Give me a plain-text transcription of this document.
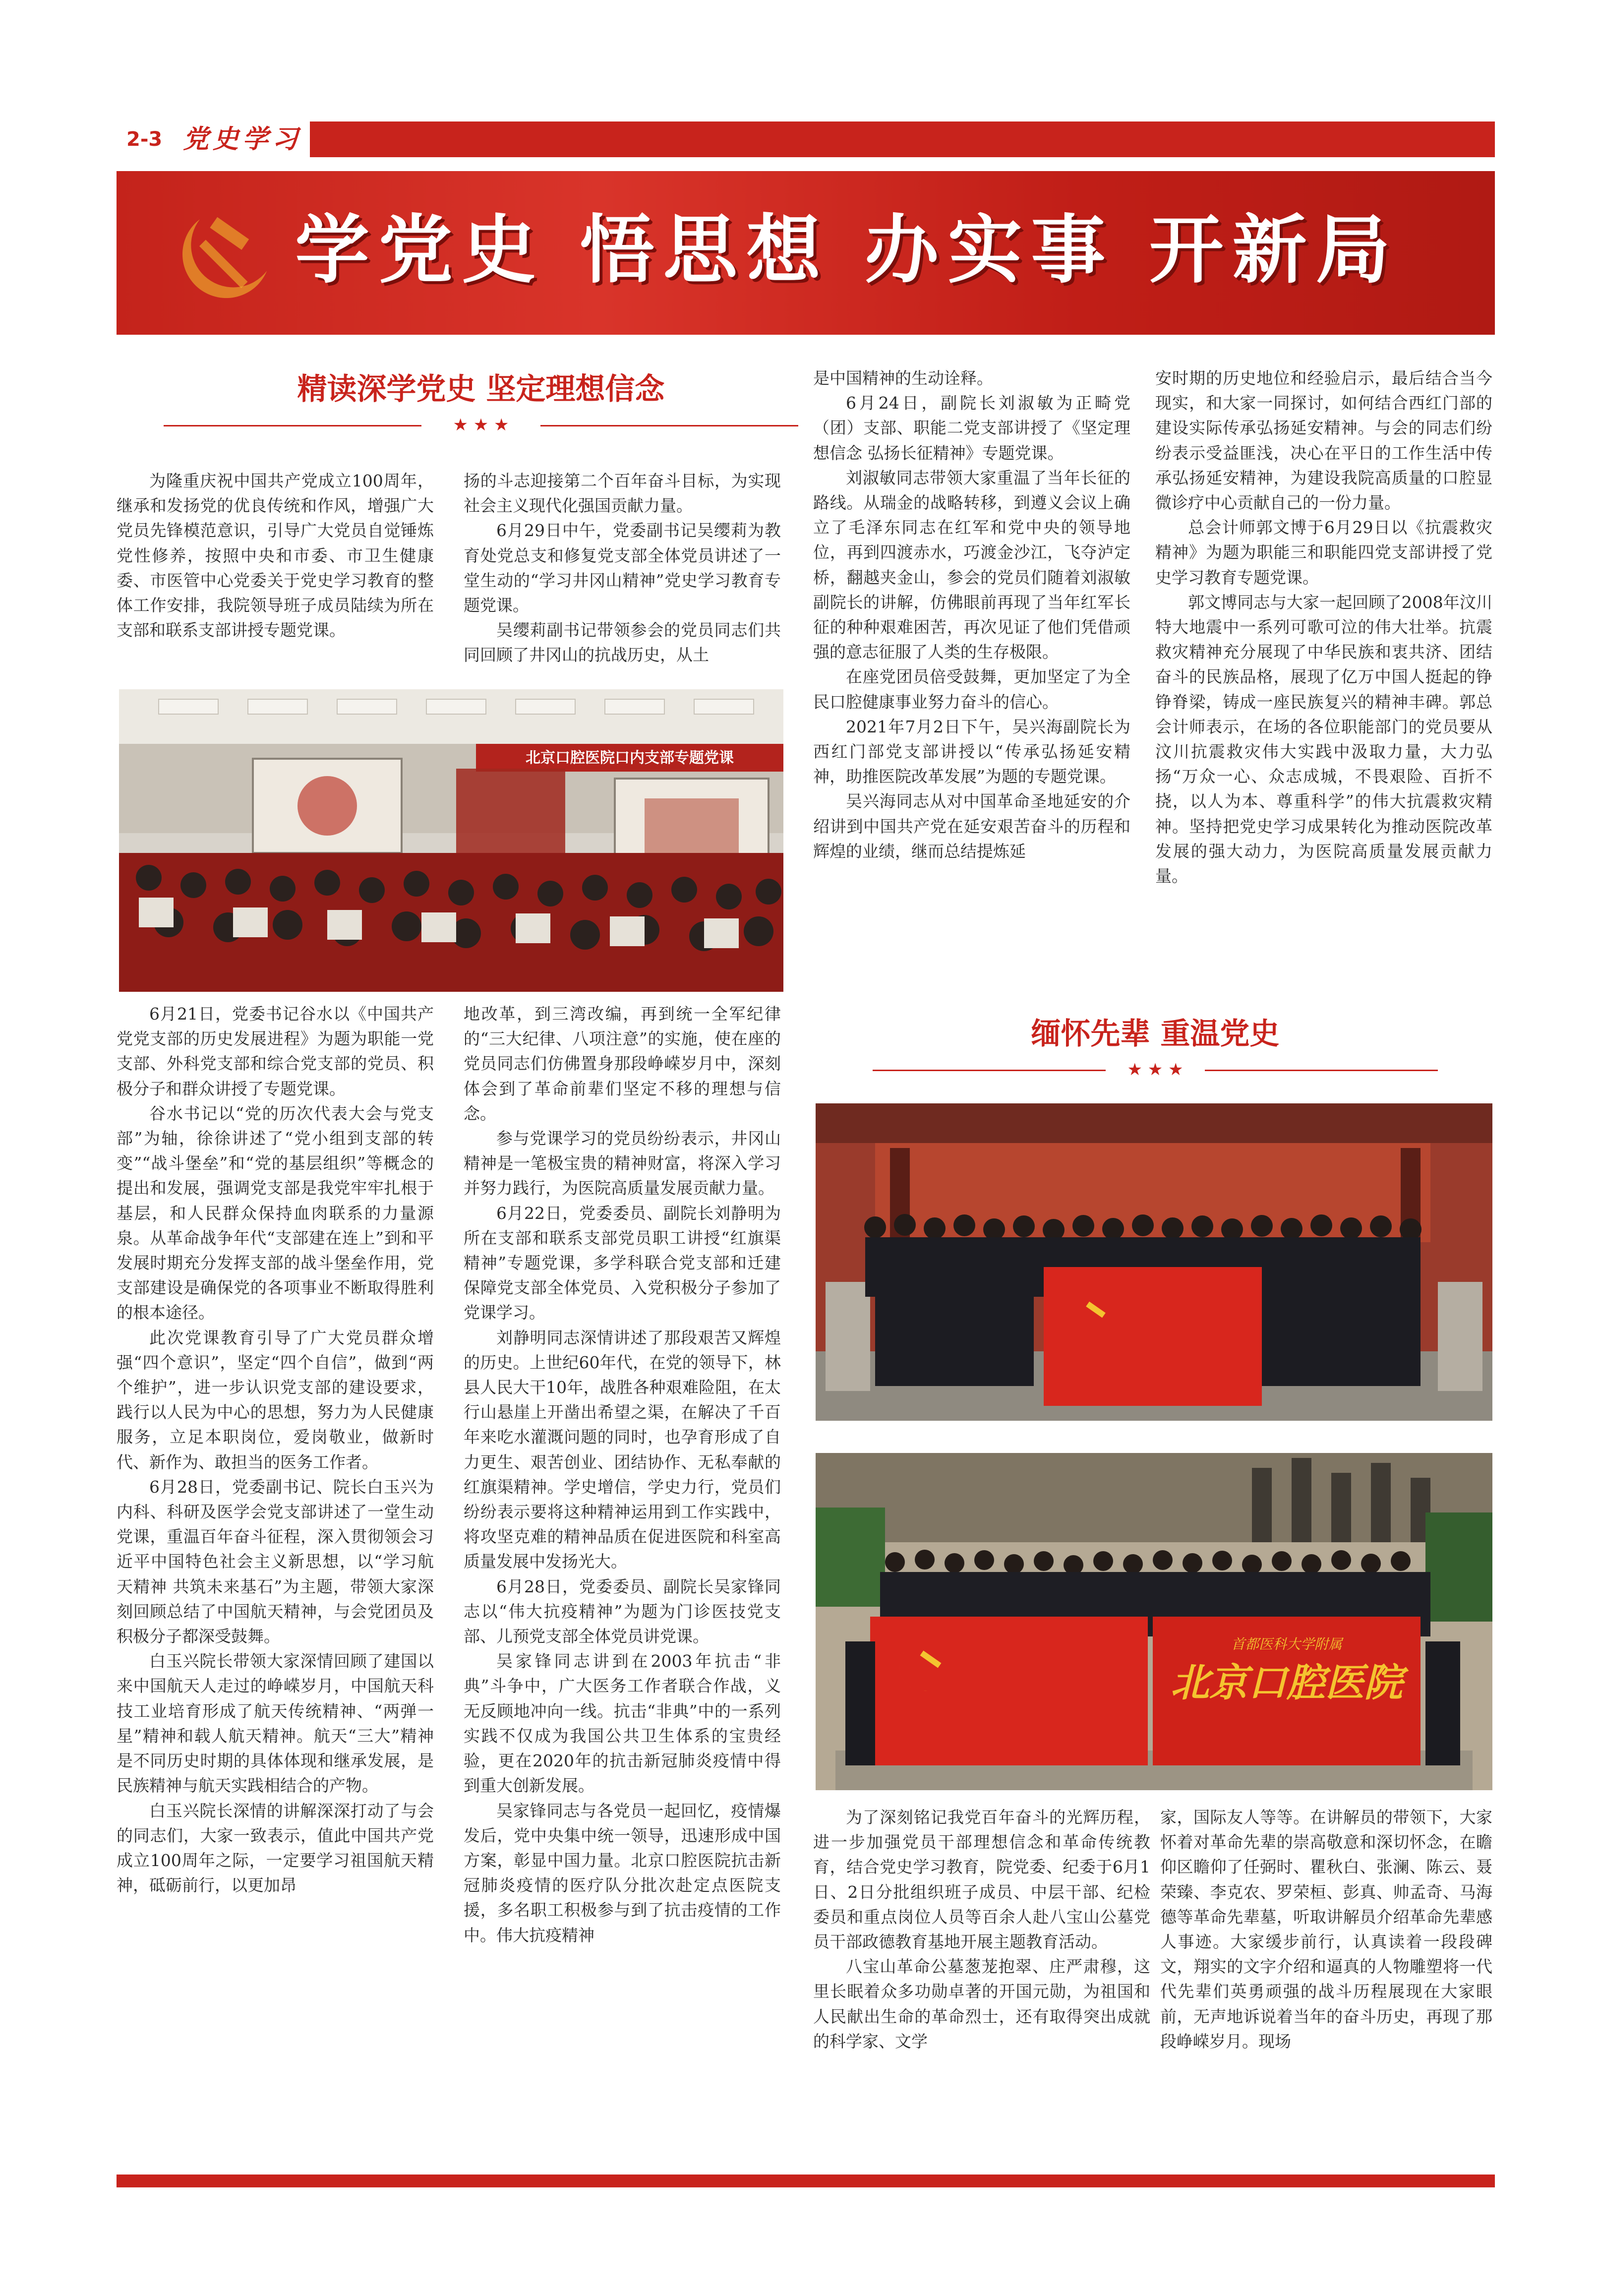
2-3 党史学习
学党史 悟思想 办实事 开新局
精读深学党史 坚定理想信念
★ ★ ★

为隆重庆祝中国共产党成立100周年，继承和发扬党的优良传统和作风，增强广大党员先锋模范意识，引导广大党员自觉锤炼党性修养，按照中央和市委、市卫生健康委、市医管中心党委关于党史学习教育的整体工作安排，我院领导班子成员陆续为所在支部和联系支部讲授专题党课。

扬的斗志迎接第二个百年奋斗目标，为实现社会主义现代化强国贡献力量。

6月29日中午，党委副书记吴缨莉为教育处党总支和修复党支部全体党员讲述了一堂生动的“学习井冈山精神”党史学习教育专题党课。

吴缨莉副书记带领参会的党员同志们共同回顾了井冈山的抗战历史，从土

北京口腔医院口内支部专题党课

是中国精神的生动诠释。

6月24日，副院长刘淑敏为正畸党（团）支部、职能二党支部讲授了《坚定理想信念 弘扬长征精神》专题党课。

刘淑敏同志带领大家重温了当年长征的路线。从瑞金的战略转移，到遵义会议上确立了毛泽东同志在红军和党中央的领导地位，再到四渡赤水，巧渡金沙江，飞夺泸定桥，翻越夹金山，参会的党员们随着刘淑敏副院长的讲解，仿佛眼前再现了当年红军长征的种种艰难困苦，再次见证了他们凭借顽强的意志征服了人类的生存极限。

在座党团员倍受鼓舞，更加坚定了为全民口腔健康事业努力奋斗的信心。

2021年7月2日下午，吴兴海副院长为西红门部党支部讲授以“传承弘扬延安精神，助推医院改革发展”为题的专题党课。

吴兴海同志从对中国革命圣地延安的介绍讲到中国共产党在延安艰苦奋斗的历程和辉煌的业绩，继而总结提炼延

安时期的历史地位和经验启示，最后结合当今现实，和大家一同探讨，如何结合西红门部的建设实际传承弘扬延安精神。与会的同志们纷纷表示受益匪浅，决心在平日的工作生活中传承弘扬延安精神，为建设我院高质量的口腔显微诊疗中心贡献自己的一份力量。

总会计师郭文博于6月29日以《抗震救灾精神》为题为职能三和职能四党支部讲授了党史学习教育专题党课。

郭文博同志与大家一起回顾了2008年汶川特大地震中一系列可歌可泣的伟大壮举。抗震救灾精神充分展现了中华民族和衷共济、团结奋斗的民族品格，展现了亿万中国人挺起的铮铮脊梁，铸成一座民族复兴的精神丰碑。郭总会计师表示，在场的各位职能部门的党员要从汶川抗震救灾伟大实践中汲取力量，大力弘扬“万众一心、众志成城，不畏艰险、百折不挠，以人为本、尊重科学”的伟大抗震救灾精神。坚持把党史学习成果转化为推动医院改革发展的强大动力，为医院高质量发展贡献力量。

6月21日，党委书记谷水以《中国共产党党支部的历史发展进程》为题为职能一党支部、外科党支部和综合党支部的党员、积极分子和群众讲授了专题党课。

谷水书记以“党的历次代表大会与党支部”为轴，徐徐讲述了“党小组到支部的转变”“战斗堡垒”和“党的基层组织”等概念的提出和发展，强调党支部是我党牢牢扎根于基层，和人民群众保持血肉联系的力量源泉。从革命战争年代“支部建在连上”到和平发展时期充分发挥支部的战斗堡垒作用，党支部建设是确保党的各项事业不断取得胜利的根本途径。

此次党课教育引导了广大党员群众增强“四个意识”，坚定“四个自信”，做到“两个维护”，进一步认识党支部的建设要求，践行以人民为中心的思想，努力为人民健康服务，立足本职岗位，爱岗敬业，做新时代、新作为、敢担当的医务工作者。

6月28日，党委副书记、院长白玉兴为内科、科研及医学会党支部讲述了一堂生动党课，重温百年奋斗征程，深入贯彻领会习近平中国特色社会主义新思想，以“学习航天精神 共筑未来基石”为主题，带领大家深刻回顾总结了中国航天精神，与会党团员及积极分子都深受鼓舞。

白玉兴院长带领大家深情回顾了建国以来中国航天人走过的峥嵘岁月，中国航天科技工业培育形成了航天传统精神、“两弹一星”精神和载人航天精神。航天“三大”精神是不同历史时期的具体体现和继承发展，是民族精神与航天实践相结合的产物。

白玉兴院长深情的讲解深深打动了与会的同志们，大家一致表示，值此中国共产党成立100周年之际，一定要学习祖国航天精神，砥砺前行，以更加昂

地改革，到三湾改编，再到统一全军纪律的“三大纪律、八项注意”的实施，使在座的党员同志们仿佛置身那段峥嵘岁月中，深刻体会到了革命前辈们坚定不移的理想与信念。

参与党课学习的党员纷纷表示，井冈山精神是一笔极宝贵的精神财富，将深入学习并努力践行，为医院高质量发展贡献力量。

6月22日，党委委员、副院长刘静明为所在支部和联系支部党员职工讲授“红旗渠精神”专题党课，多学科联合党支部和迁建保障党支部全体党员、入党积极分子参加了党课学习。

刘静明同志深情讲述了那段艰苦又辉煌的历史。上世纪60年代，在党的领导下，林县人民大干10年，战胜各种艰难险阻，在太行山悬崖上开凿出希望之渠，在解决了千百年来吃水灌溉问题的同时，也孕育形成了自力更生、艰苦创业、团结协作、无私奉献的红旗渠精神。学史增信，学史力行，党员们纷纷表示要将这种精神运用到工作实践中，将攻坚克难的精神品质在促进医院和科室高质量发展中发扬光大。

6月28日，党委委员、副院长吴家锋同志以“伟大抗疫精神”为题为门诊医技党支部、儿预党支部全体党员讲党课。

吴家锋同志讲到在2003年抗击“非典”斗争中，广大医务工作者联合作战，义无反顾地冲向一线。抗击“非典”中的一系列实践不仅成为我国公共卫生体系的宝贵经验，更在2020年的抗击新冠肺炎疫情中得到重大创新发展。

吴家锋同志与各党员一起回忆，疫情爆发后，党中央集中统一领导，迅速形成中国方案，彰显中国力量。北京口腔医院抗击新冠肺炎疫情的医疗队分批次赴定点医院支援，多名职工积极参与到了抗击疫情的工作中。伟大抗疫精神

缅怀先辈 重温党史
★ ★ ★
首都医科大学附属
北京口腔医院

为了深刻铭记我党百年奋斗的光辉历程，进一步加强党员干部理想信念和革命传统教育，结合党史学习教育，院党委、纪委于6月1日、2日分批组织班子成员、中层干部、纪检委员和重点岗位人员等百余人赴八宝山公墓党员干部政德教育基地开展主题教育活动。

八宝山革命公墓葱茏抱翠、庄严肃穆，这里长眠着众多功勋卓著的开国元勋，为祖国和人民献出生命的革命烈士，还有取得突出成就的科学家、文学

家，国际友人等等。在讲解员的带领下，大家怀着对革命先辈的崇高敬意和深切怀念，在瞻仰区瞻仰了任弼时、瞿秋白、张澜、陈云、聂荣臻、李克农、罗荣桓、彭真、帅孟奇、马海德等革命先辈墓，听取讲解员介绍革命先辈感人事迹。大家缓步前行，认真读着一段段碑文，翔实的文字介绍和逼真的人物雕塑将一代代先辈们英勇顽强的战斗历程展现在大家眼前，无声地诉说着当年的奋斗历史，再现了那段峥嵘岁月。现场
